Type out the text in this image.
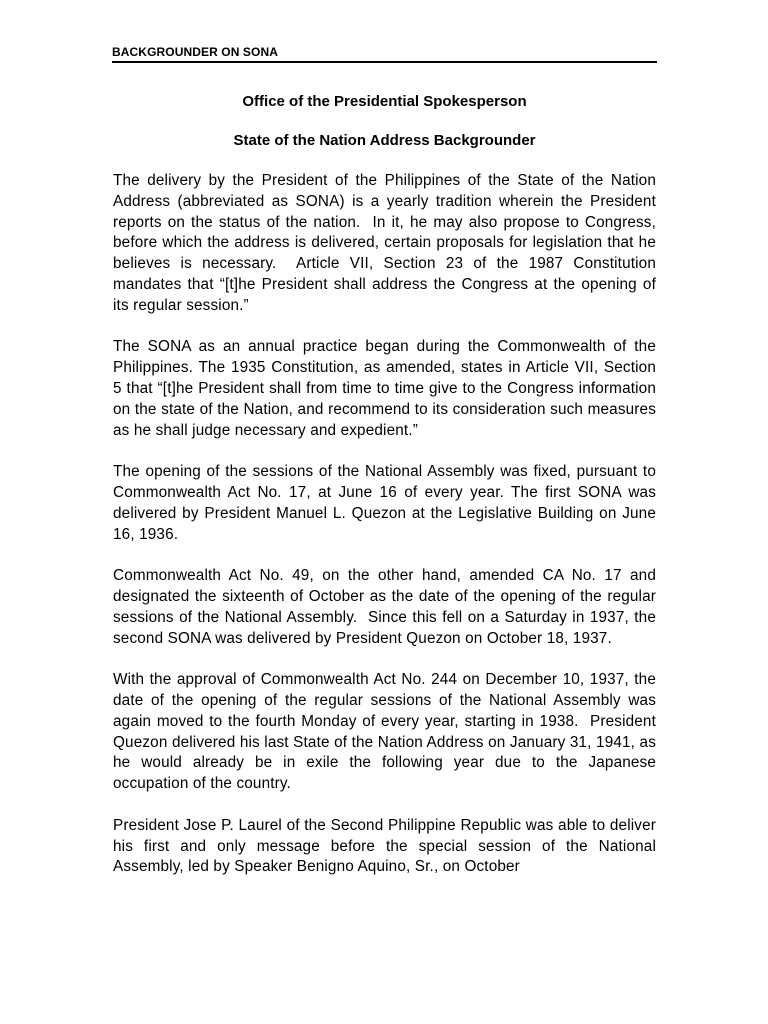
BACKGROUNDER ON SONA
Office of the Presidential Spokesperson
State of the Nation Address Backgrounder

The delivery by the President of the Philippines of the State of the Nation Address (abbreviated as SONA) is a yearly tradition wherein the President reports on the status of the nation.  In it, he may also propose to Congress, before which the address is delivered, certain proposals for legislation that he believes is necessary.  Article VII, Section 23 of the 1987 Constitution mandates that “[t]he President shall address the Congress at the opening of its regular session.”

The SONA as an annual practice began during the Commonwealth of the Philippines. The 1935 Constitution, as amended, states in Article VII, Section 5 that “[t]he President shall from time to time give to the Congress information on the state of the Nation, and recommend to its consideration such measures as he shall judge necessary and expedient.”

The opening of the sessions of the National Assembly was fixed, pursuant to Commonwealth Act No. 17, at June 16 of every year. The first SONA was delivered by President Manuel L. Quezon at the Legislative Building on June 16, 1936.

Commonwealth Act No. 49, on the other hand, amended CA No. 17 and designated the sixteenth of October as the date of the opening of the regular sessions of the National Assembly.  Since this fell on a Saturday in 1937, the second SONA was delivered by President Quezon on October 18, 1937.

With the approval of Commonwealth Act No. 244 on December 10, 1937, the date of the opening of the regular sessions of the National Assembly was again moved to the fourth Monday of every year, starting in 1938.  President Quezon delivered his last State of the Nation Address on January 31, 1941, as he would already be in exile the following year due to the Japanese occupation of the country.

President Jose P. Laurel of the Second Philippine Republic was able to deliver his first and only message before the special session of the National Assembly, led by Speaker Benigno Aquino, Sr., on October
